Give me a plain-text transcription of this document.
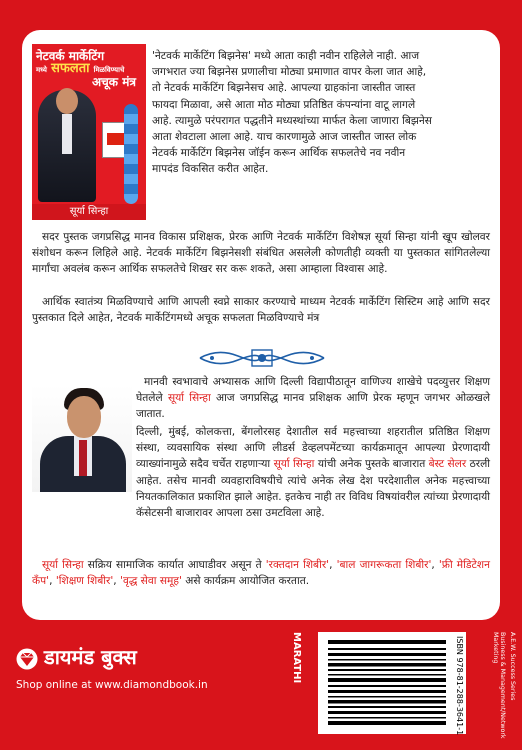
नेटवर्क मार्केटिंग
मध्ये सफलता मिळविण्याचे
अचूक मंत्र
सूर्या सिन्हा
'नेटवर्क मार्केटिंग बिझनेस' मध्ये आता काही नवीन राहिलेले नाही. आज
जगभरात ज्या बिझनेस प्रणालीचा मोठ्या प्रमाणात वापर केला जात आहे,
तो नेटवर्क मार्केटिंग बिझनेसच आहे. आपल्या ग्राहकांना जास्तीत जास्त
फायदा मिळावा, असे आता मोठ मोठ्या प्रतिष्ठित कंपन्यांना वाटू लागले
आहे. त्यामुळे परंपरागत पद्धतीने मध्यस्थांच्या मार्फत केला जाणारा बिझनेस
आता शेवटाला आला आहे. याच कारणामुळे आज जास्तीत जास्त लोक
नेटवर्क मार्केटिंग बिझनेस जॉईन करून आर्थिक सफलतेचे नव नवीन
मापदंड विकसित करीत आहेत.

सदर पुस्तक जगप्रसिद्ध मानव विकास प्रशिक्षक, प्रेरक आणि नेटवर्क मार्केटिंग विशेषज्ञ सूर्या सिन्हा यांनी खूप खोलवर संशोधन करून लिहिले आहे. नेटवर्क मार्केटिंग बिझनेसशी संबंधित असलेली कोणतीही व्यक्ती या पुस्तकात सांगितलेल्या मार्गांचा अवलंब करून आर्थिक सफलतेचे शिखर सर करू शकते, असा आम्हाला विश्वास आहे.

आर्थिक स्वातंत्र्य मिळविण्याचे आणि आपली स्वप्ने साकार करण्याचे माध्यम नेटवर्क मार्केटिंग सिस्टिम आहे आणि सदर पुस्तकात दिले आहेत, नेटवर्क मार्केटिंगमध्ये अचूक सफलता मिळविण्याचे मंत्र

मानवी स्वभावाचे अभ्यासक आणि दिल्ली विद्यापीठातून वाणिज्य शाखेचे पदव्युत्तर शिक्षण घेतलेले सूर्या सिन्हा आज जगप्रसिद्ध मानव प्रशिक्षक आणि प्रेरक म्हणून जगभर ओळखले जातात.

दिल्ली, मुंबई, कोलकत्ता, बेंगलोरसह देशातील सर्व महत्त्वाच्या शहरातील प्रतिष्ठित शिक्षण संस्था, व्यवसायिक संस्था आणि लीडर्स डेव्हलपमेंटच्या कार्यक्रमातून आपल्या प्रेरणादायी व्याख्यांनामुळे सदैव चर्चेत राहणाऱ्या सूर्या सिन्हा यांची अनेक पुस्तके बाजारात बेस्ट सेलर ठरली आहेत. तसेच मानवी व्यवहाराविषयीचे त्यांचे अनेक लेख देश परदेशातील अनेक महत्त्वाच्या नियतकालिकात प्रकाशित झाले आहेत. इतकेच नाही तर विविध विषयांवरील त्यांच्या प्रेरणादायी कॅसेटसनी बाजारावर आपला ठसा उमटविला आहे.

सूर्या सिन्हा सक्रिय सामाजिक कार्यात आघाडीवर असून ते 'रक्तदान शिबीर', 'बाल जागरूकता शिबीर', 'फ्री मेडिटेशन कँप', 'शिक्षण शिबीर', 'वृद्ध सेवा समूह' असे कार्यक्रम आयोजित करतात.

डायमंड बुक्स
Shop online at www.diamondbook.in
MARATHI	ISBN 978-81-288-3641-1	Business & Management/Network Marketing	A.E.W. Success Series
